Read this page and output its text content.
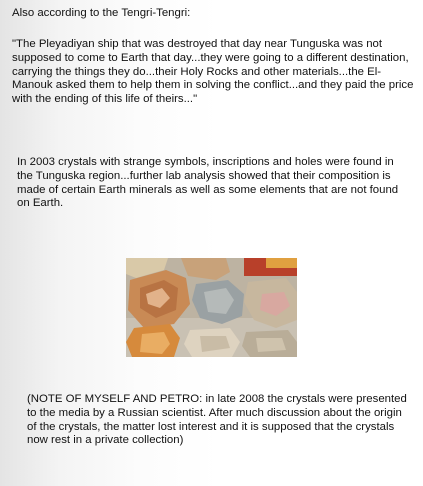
Also according to the Tengri-Tengri:
"The Pleyadiyan ship that was destroyed that day near Tunguska was not supposed to come to Earth that day...they were going to a different destination, carrying the things they do...their Holy Rocks and other materials...the El-Manouk asked them to help them in solving the conflict...and they paid the price with the ending of this life of theirs..."
In 2003 crystals with strange symbols, inscriptions and holes were found in the Tunguska region...further lab analysis showed that their composition is made of certain Earth minerals as well as some elements that are not found on Earth.
(NOTE OF MYSELF AND PETRO: in late 2008 the crystals were presented to the media by a Russian scientist. After much discussion about the origin of the crystals, the matter lost interest and it is supposed that the crystals now rest in a private collection)
